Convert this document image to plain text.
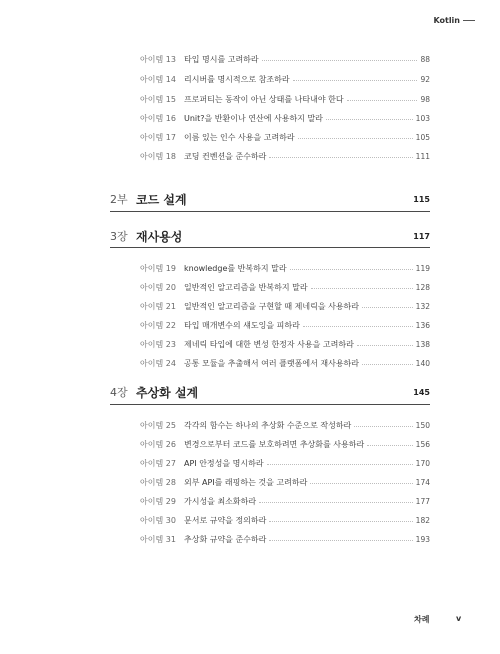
Kotlin
아이템 13	타입 명시를 고려하라	88
아이템 14	리시버를 명시적으로 참조하라	92
아이템 15	프로퍼티는 동작이 아닌 상태를 나타내야 한다	98
아이템 16	Unit?을 반환이나 연산에 사용하지 말라	103
아이템 17	이름 있는 인수 사용을 고려하라	105
아이템 18	코딩 컨벤션을 준수하라	111
2부 코드 설계	115
3장 재사용성	117
아이템 19	knowledge를 반복하지 말라	119
아이템 20	일반적인 알고리즘을 반복하지 말라	128
아이템 21	일반적인 알고리즘을 구현할 때 제네릭을 사용하라	132
아이템 22	타입 매개변수의 섀도잉을 피하라	136
아이템 23	제네릭 타입에 대한 변성 한정자 사용을 고려하라	138
아이템 24	공통 모듈을 추출해서 여러 플랫폼에서 재사용하라	140
4장 추상화 설계	145
아이템 25	각각의 함수는 하나의 추상화 수준으로 작성하라	150
아이템 26	변경으로부터 코드를 보호하려면 추상화를 사용하라	156
아이템 27	API 안정성을 명시하라	170
아이템 28	외부 API를 래핑하는 것을 고려하라	174
아이템 29	가시성을 최소화하라	177
아이템 30	문서로 규약을 정의하라	182
아이템 31	추상화 규약을 준수하라	193
차례	v
